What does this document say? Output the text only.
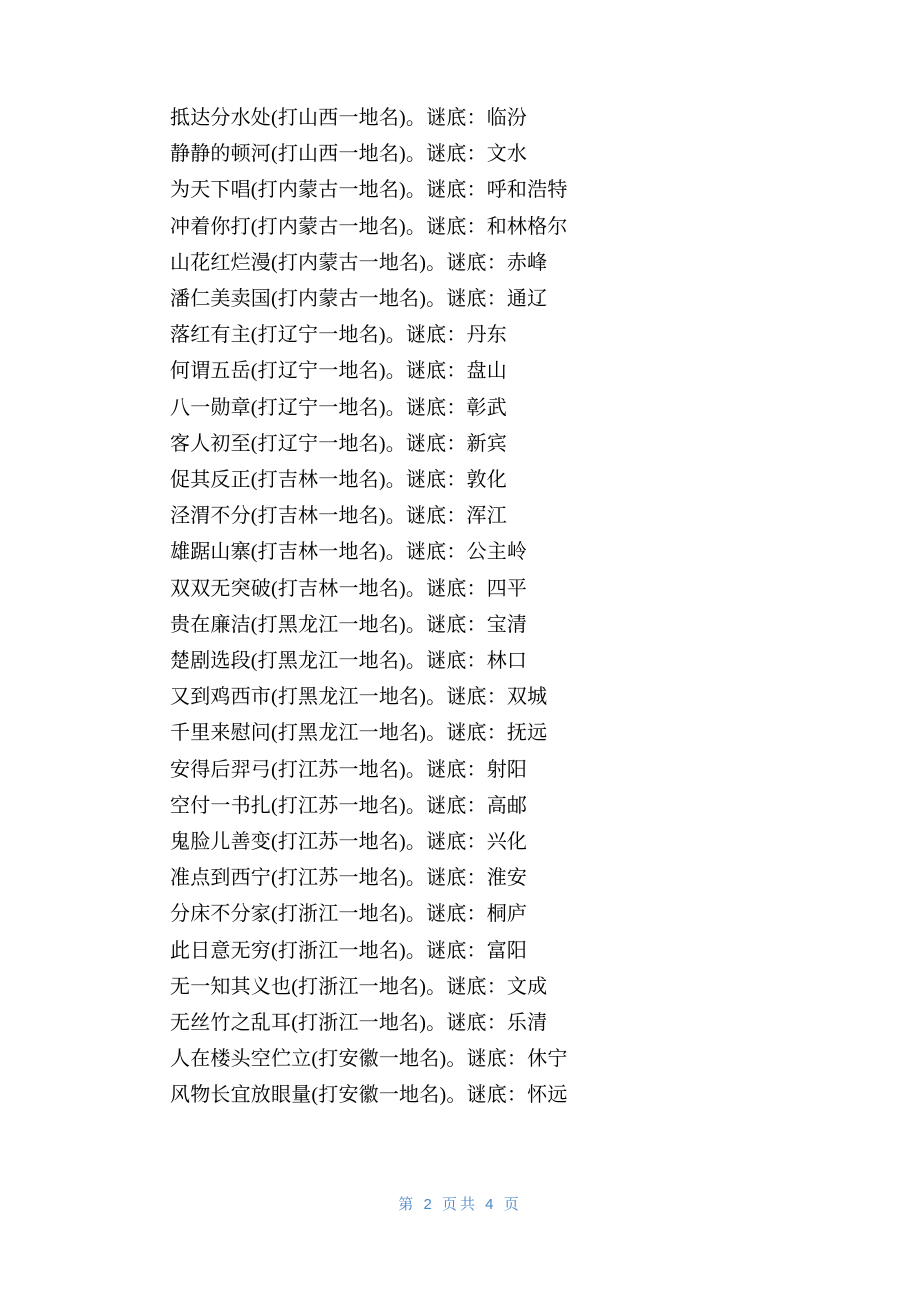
抵达分水处(打山西一地名)。谜底：临汾
静静的顿河(打山西一地名)。谜底：文水
为天下唱(打内蒙古一地名)。谜底：呼和浩特
冲着你打(打内蒙古一地名)。谜底：和林格尔
山花红烂漫(打内蒙古一地名)。谜底：赤峰
潘仁美卖国(打内蒙古一地名)。谜底：通辽
落红有主(打辽宁一地名)。谜底：丹东
何谓五岳(打辽宁一地名)。谜底：盘山
八一勋章(打辽宁一地名)。谜底：彰武
客人初至(打辽宁一地名)。谜底：新宾
促其反正(打吉林一地名)。谜底：敦化
泾渭不分(打吉林一地名)。谜底：浑江
雄踞山寨(打吉林一地名)。谜底：公主岭
双双无突破(打吉林一地名)。谜底：四平
贵在廉洁(打黑龙江一地名)。谜底：宝清
楚剧选段(打黑龙江一地名)。谜底：林口
又到鸡西市(打黑龙江一地名)。谜底：双城
千里来慰问(打黑龙江一地名)。谜底：抚远
安得后羿弓(打江苏一地名)。谜底：射阳
空付一书扎(打江苏一地名)。谜底：高邮
鬼脸儿善变(打江苏一地名)。谜底：兴化
准点到西宁(打江苏一地名)。谜底：淮安
分床不分家(打浙江一地名)。谜底：桐庐
此日意无穷(打浙江一地名)。谜底：富阳
无一知其义也(打浙江一地名)。谜底：文成
无丝竹之乱耳(打浙江一地名)。谜底：乐清
人在楼头空伫立(打安徽一地名)。谜底：休宁
风物长宜放眼量(打安徽一地名)。谜底：怀远
第 2 页共 4 页
